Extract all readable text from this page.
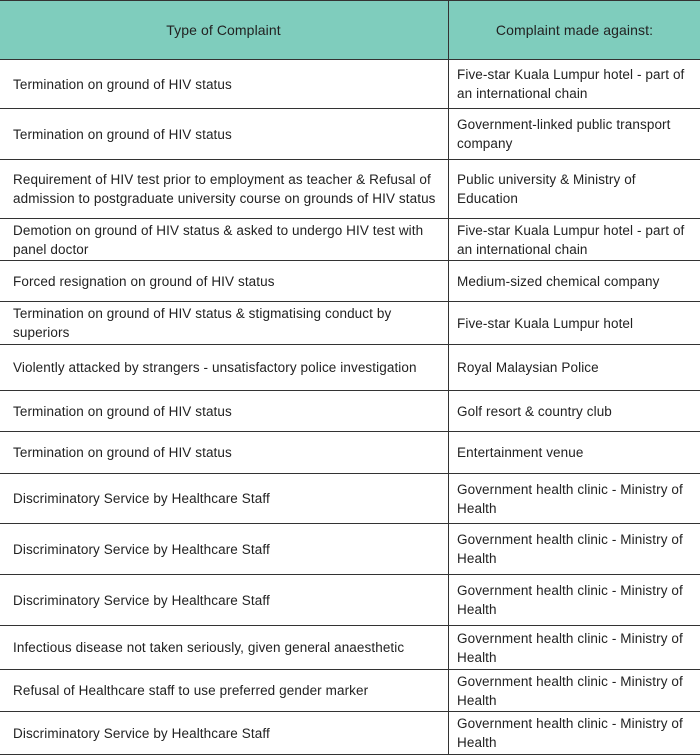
Type of Complaint	Complaint made against:
Termination on ground of HIV status	Five-star Kuala Lumpur hotel - part of an international chain
Termination on ground of HIV status	Government-linked public transport company
Requirement of HIV test prior to employment as teacher & Refusal of admission to postgraduate university course on grounds of HIV status	Public university & Ministry of Education
Demotion on ground of HIV status & asked to undergo HIV test with panel doctor	Five-star Kuala Lumpur hotel - part of an international chain
Forced resignation on ground of HIV status	Medium-sized chemical company
Termination on ground of HIV status & stigmatising conduct by superiors	Five-star Kuala Lumpur hotel
Violently attacked by strangers - unsatisfactory police investigation	Royal Malaysian Police
Termination on ground of HIV status	Golf resort & country club
Termination on ground of HIV status	Entertainment venue
Discriminatory Service by Healthcare Staff	Government health clinic - Ministry of Health
Discriminatory Service by Healthcare Staff	Government health clinic - Ministry of Health
Discriminatory Service by Healthcare Staff	Government health clinic - Ministry of Health
Infectious disease not taken seriously, given general anaesthetic	Government health clinic - Ministry of Health
Refusal of Healthcare staff to use preferred gender marker	Government health clinic - Ministry of Health
Discriminatory Service by Healthcare Staff	Government health clinic - Ministry of Health
